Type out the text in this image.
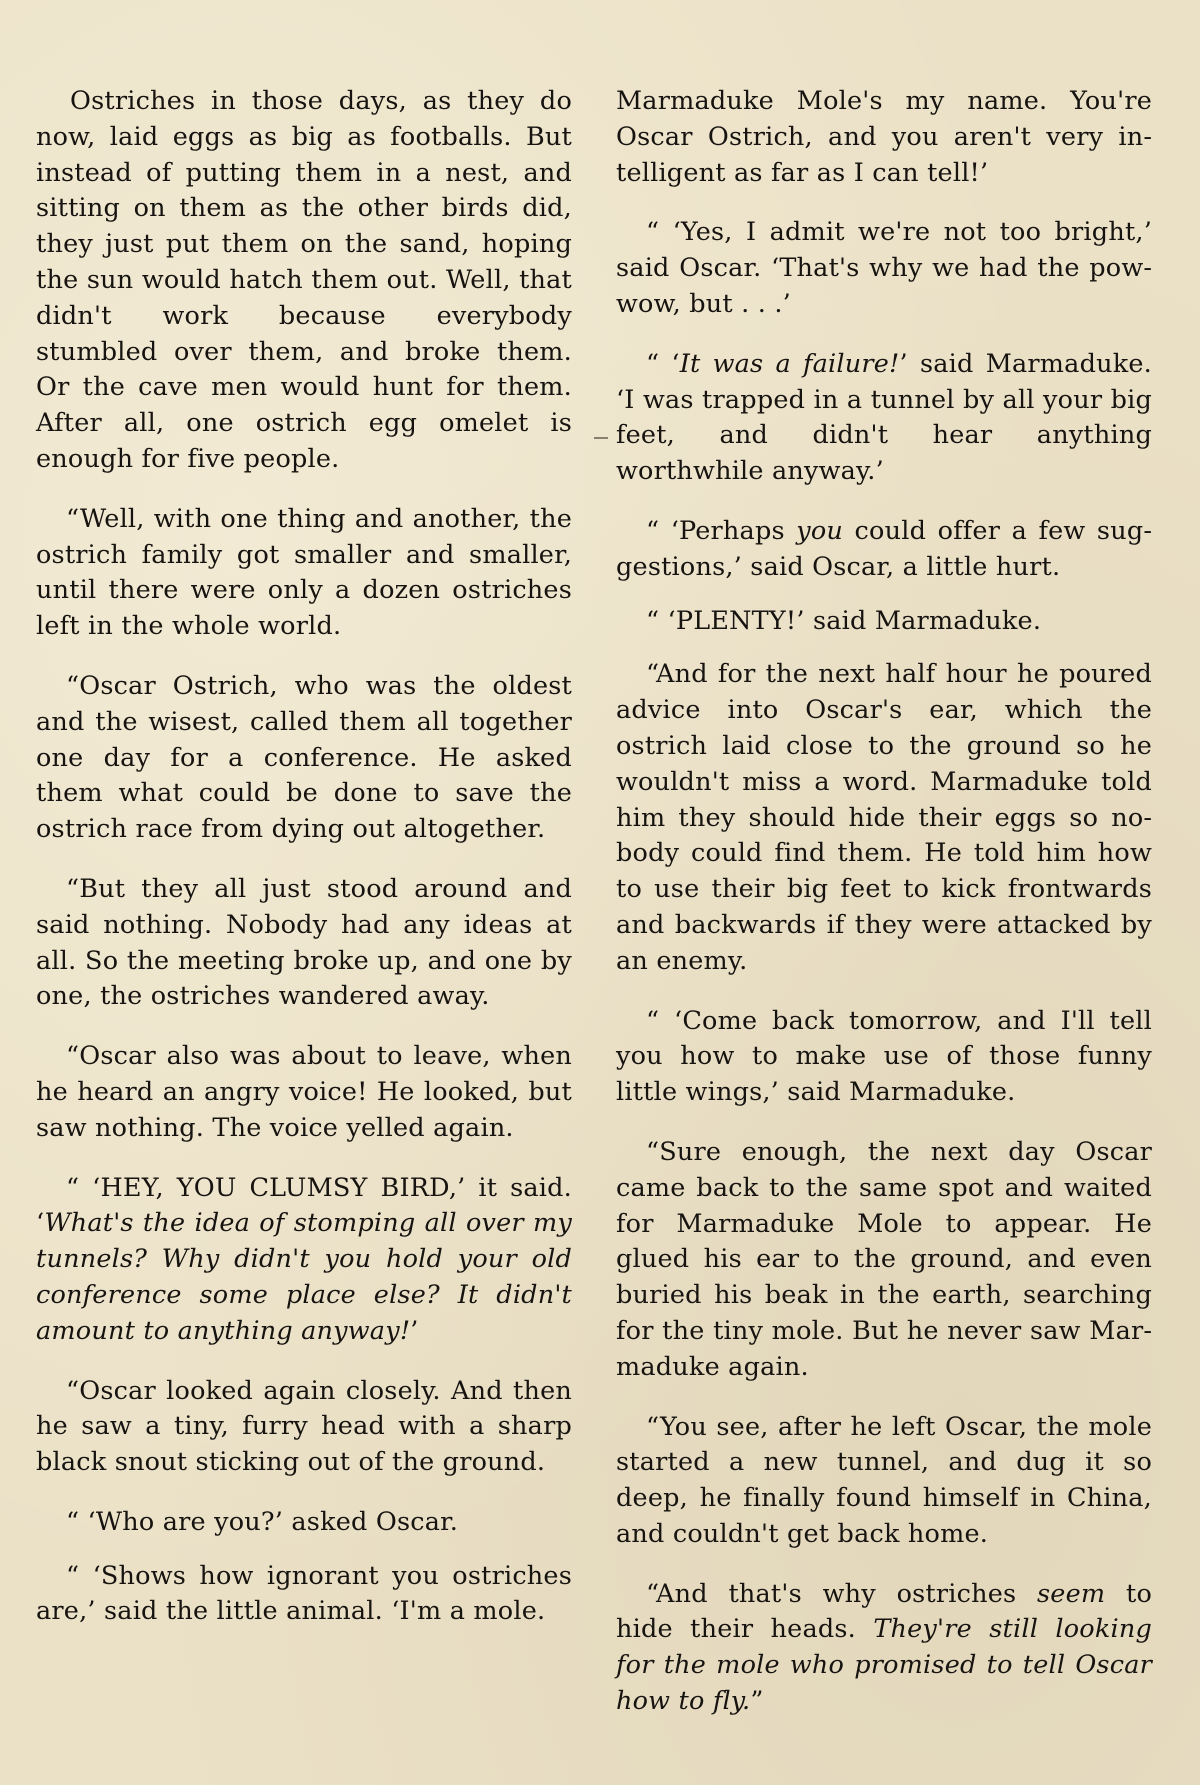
Ostriches in those days, as they do now, laid eggs as big as footballs. But instead of putting them in a nest, and sitting on them as the other birds did, they just put them on the sand, hoping the sun would hatch them out. Well, that didn't work because everybody stumbled over them, and broke them. Or the cave men would hunt for them. After all, one ostrich egg omelet is enough for five people.

“Well, with one thing and another, the ostrich family got smaller and smaller, until there were only a dozen ostriches left in the whole world.

“Oscar Ostrich, who was the oldest and the wisest, called them all together one day for a conference. He asked them what could be done to save the ostrich race from dying out altogether.

“But they all just stood around and said nothing. Nobody had any ideas at all. So the meeting broke up, and one by one, the ostriches wandered away.

“Oscar also was about to leave, when he heard an angry voice! He looked, but saw nothing. The voice yelled again.

“ ‘HEY, YOU CLUMSY BIRD,’ it said. ‘What's the idea of stomping all over my tunnels? Why didn't you hold your old conference some place else? It didn't amount to anything anyway!’

“Oscar looked again closely. And then he saw a tiny, furry head with a sharp black snout sticking out of the ground.

“ ‘Who are you?’ asked Oscar.

“ ‘Shows how ignorant you ostriches are,’ said the little animal. ‘I'm a mole.

Marmaduke Mole's my name. You're Oscar Ostrich, and you aren't very intelligent as far as I can tell!’

“ ‘Yes, I admit we're not too bright,’ said Oscar. ‘That's why we had the powwow, but . . .’

“ ‘It was a failure!’ said Marmaduke. ‘I was trapped in a tunnel by all your big feet, and didn't hear anything worthwhile anyway.’

“ ‘Perhaps you could offer a few suggestions,’ said Oscar, a little hurt.

“ ‘PLENTY!’ said Marmaduke.

“And for the next half hour he poured advice into Oscar's ear, which the ostrich laid close to the ground so he wouldn't miss a word. Marmaduke told him they should hide their eggs so nobody could find them. He told him how to use their big feet to kick frontwards and backwards if they were attacked by an enemy.

“ ‘Come back tomorrow, and I'll tell you how to make use of those funny little wings,’ said Marmaduke.

“Sure enough, the next day Oscar came back to the same spot and waited for Marmaduke Mole to appear. He glued his ear to the ground, and even buried his beak in the earth, searching for the tiny mole. But he never saw Marmaduke again.

“You see, after he left Oscar, the mole started a new tunnel, and dug it so deep, he finally found himself in China, and couldn't get back home.

“And that's why ostriches seem to hide their heads. They're still looking for the mole who promised to tell Oscar how to fly.”
